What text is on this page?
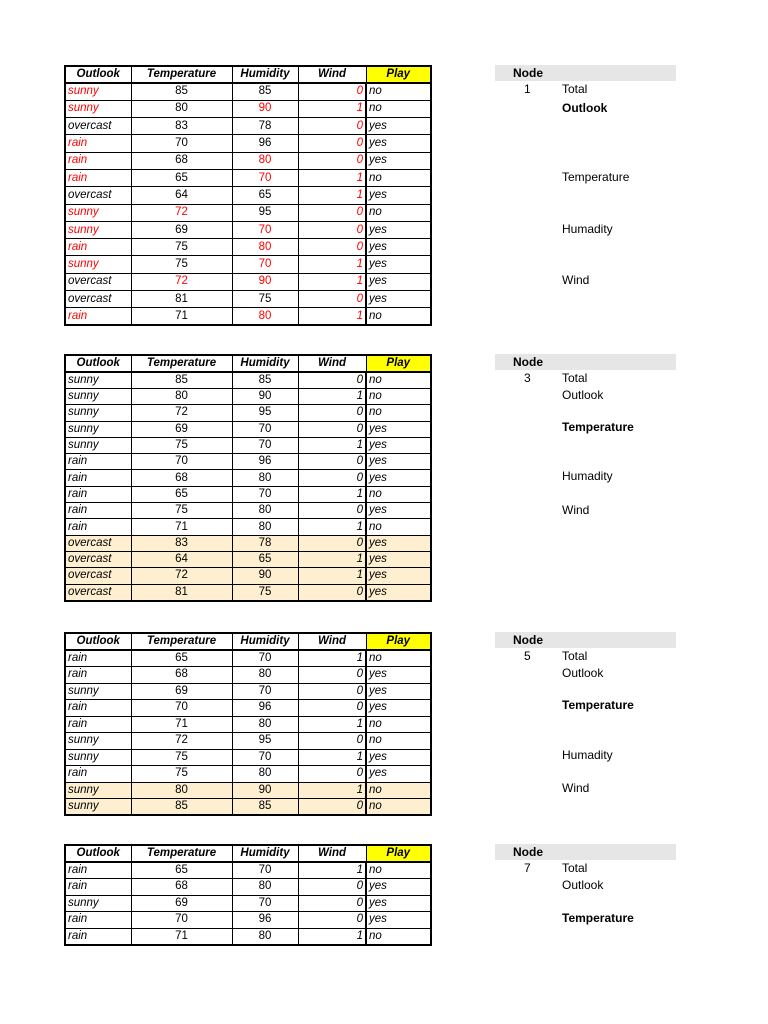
Outlook	Temperature	Humidity	Wind	Play
sunny	85	85	0	no
sunny	80	90	1	no
overcast	83	78	0	yes
rain	70	96	0	yes
rain	68	80	0	yes
rain	65	70	1	no
overcast	64	65	1	yes
sunny	72	95	0	no
sunny	69	70	0	yes
rain	75	80	0	yes
sunny	75	70	1	yes
overcast	72	90	1	yes
overcast	81	75	0	yes
rain	71	80	1	no
Node
1	Total
Outlook
Temperature
Humadity
Wind
Outlook	Temperature	Humidity	Wind	Play
sunny	85	85	0	no
sunny	80	90	1	no
sunny	72	95	0	no
sunny	69	70	0	yes
sunny	75	70	1	yes
rain	70	96	0	yes
rain	68	80	0	yes
rain	65	70	1	no
rain	75	80	0	yes
rain	71	80	1	no
overcast	83	78	0	yes
overcast	64	65	1	yes
overcast	72	90	1	yes
overcast	81	75	0	yes
Node
3	Total
Outlook
Temperature
Humadity
Wind
Outlook	Temperature	Humidity	Wind	Play
rain	65	70	1	no
rain	68	80	0	yes
sunny	69	70	0	yes
rain	70	96	0	yes
rain	71	80	1	no
sunny	72	95	0	no
sunny	75	70	1	yes
rain	75	80	0	yes
sunny	80	90	1	no
sunny	85	85	0	no
Node
5	Total
Outlook
Temperature
Humadity
Wind
Outlook	Temperature	Humidity	Wind	Play
rain	65	70	1	no
rain	68	80	0	yes
sunny	69	70	0	yes
rain	70	96	0	yes
rain	71	80	1	no
Node
7	Total
Outlook
Temperature
